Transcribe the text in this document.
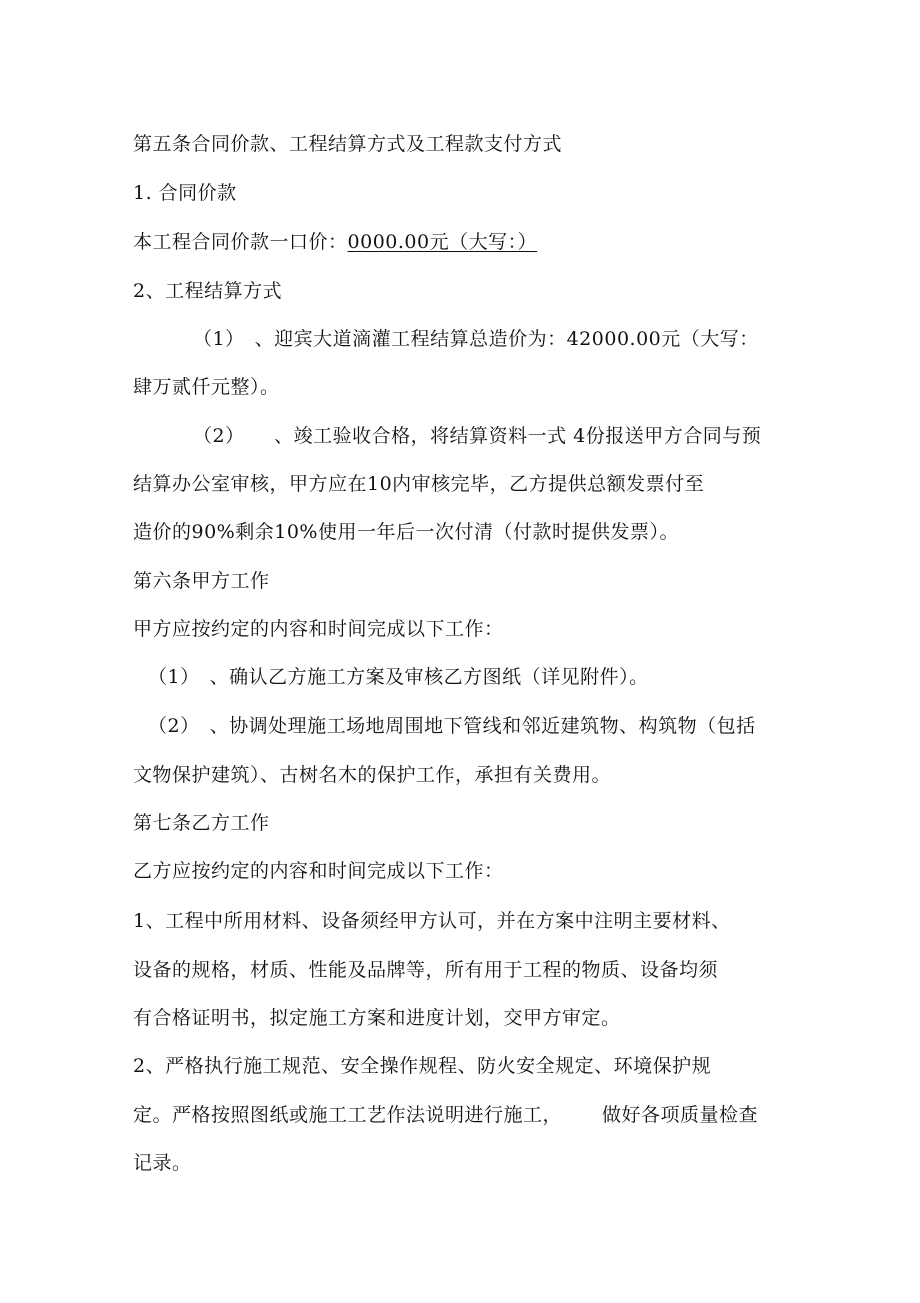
第五条合同价款、工程结算方式及工程款支付方式
1. 合同价款
本工程合同价款一口价：0000.00元（大写：）
2、工程结算方式
（1）　、迎宾大道滴灌工程结算总造价为：42000.00元（大写：
肆万贰仟元整）。
（2）　　、竣工验收合格，将结算资料一式 4份报送甲方合同与预
结算办公室审核，甲方应在10内审核完毕，乙方提供总额发票付至
造价的90%剩余10%使用一年后一次付清（付款时提供发票）。
第六条甲方工作
甲方应按约定的内容和时间完成以下工作：
（1）　、确认乙方施工方案及审核乙方图纸（详见附件）。
（2）　、协调处理施工场地周围地下管线和邻近建筑物、构筑物（包括
文物保护建筑）、古树名木的保护工作，承担有关费用。
第七条乙方工作
乙方应按约定的内容和时间完成以下工作：
1、工程中所用材料、设备须经甲方认可，并在方案中注明主要材料、
设备的规格，材质、性能及品牌等，所有用于工程的物质、设备均须
有合格证明书，拟定施工方案和进度计划，交甲方审定。
2、严格执行施工规范、安全操作规程、防火安全规定、环境保护规
定。严格按照图纸或施工工艺作法说明进行施工， 做好各项质量检查
记录。
